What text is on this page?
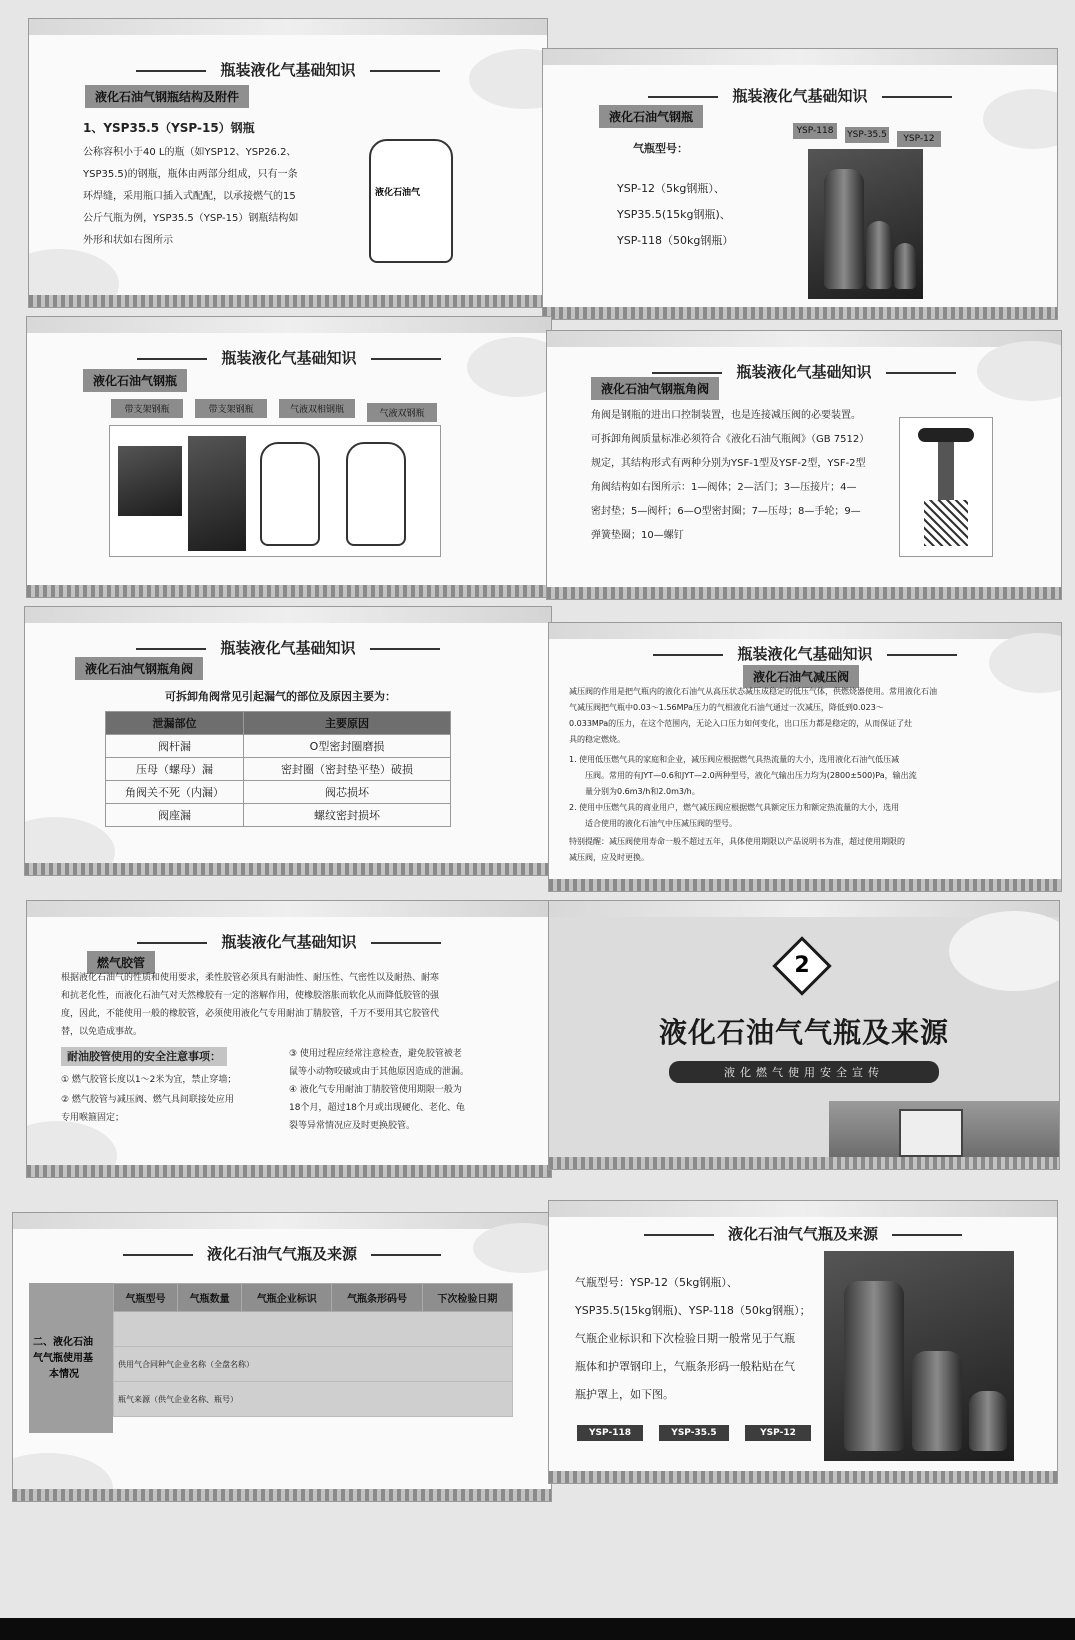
瓶装液化气基础知识
液化石油气钢瓶结构及附件
1、YSP35.5（YSP-15）钢瓶
公称容积小于40 L的瓶（如YSP12、YSP26.2、
YSP35.5)的钢瓶，瓶体由两部分组成，只有一条
环焊缝，采用瓶口插入式配配，以承接燃气的15
公斤气瓶为例，YSP35.5（YSP-15）钢瓶结构如
外形和状如右图所示
液化石油气
瓶装液化气基础知识
液化石油气钢瓶
YSP-118	YSP-35.5	YSP-12
气瓶型号：
YSP-12（5kg钢瓶）、
YSP35.5(15kg钢瓶)、
YSP-118（50kg钢瓶）
瓶装液化气基础知识
液化石油气钢瓶
带支架钢瓶	带支架钢瓶	气液双相钢瓶	气液双钢瓶
瓶装液化气基础知识
液化石油气钢瓶角阀
角阀是钢瓶的进出口控制装置，也是连接减压阀的必要装置。
可拆卸角阀质量标准必须符合《液化石油气瓶阀》（GB 7512）
规定，其结构形式有两种分别为YSF-1型及YSF-2型，YSF-2型
角阀结构如右图所示：1—阀体；2—活门；3—压接片；4—
密封垫；5—阀杆；6—O型密封圈；7—压母；8—手轮；9—
弹簧垫圈；10—螺钉
瓶装液化气基础知识
液化石油气钢瓶角阀
可拆卸角阀常见引起漏气的部位及原因主要为：
泄漏部位	主要原因
阀杆漏	O型密封圈磨损
压母（螺母）漏	密封圈（密封垫平垫）破损
角阀关不死（内漏）	阀芯损坏
阀座漏	螺纹密封损坏
瓶装液化气基础知识
液化石油气减压阀
减压阀的作用是把气瓶内的液化石油气从高压状态减压成稳定的低压气体，供燃烧器使用。常用液化石油
气减压阀把气瓶中0.03～1.56MPa压力的气相液化石油气通过一次减压，降低到0.023～
0.033MPa的压力，在这个范围内，无论入口压力如何变化，出口压力都是稳定的，从而保证了灶
具的稳定燃烧。
1. 使用低压燃气具的家庭和企业，减压阀应根据燃气具热流量的大小，选用液化石油气低压减
压阀。常用的有JYT—0.6和JYT—2.0两种型号，液化气输出压力均为(2800±500)Pa，输出流
量分别为0.6m3/h和2.0m3/h。
2. 使用中压燃气具的商业用户，燃气减压阀应根据燃气具额定压力和额定热流量的大小，选用
适合使用的液化石油气中压减压阀的型号。
特别提醒：减压阀使用寿命一般不超过五年，具体使用期限以产品说明书为准，超过使用期限的
减压阀，应及时更换。
瓶装液化气基础知识
燃气胶管
根据液化石油气的性质和使用要求，柔性胶管必须具有耐油性、耐压性、气密性以及耐热、耐寒
和抗老化性，而液化石油气对天然橡胶有一定的溶解作用，使橡胶溶胀而软化从而降低胶管的强
度，因此，不能使用一般的橡胶管，必须使用液化气专用耐油丁腈胶管，千万不要用其它胶管代
替，以免造成事故。
耐油胶管使用的安全注意事项：
① 燃气胶管长度以1～2米为宜，禁止穿墙；
② 燃气胶管与减压阀、燃气具间联接处应用
专用喉箍固定；
③ 使用过程应经常注意检查，避免胶管被老
鼠等小动物咬破或由于其他原因造成的泄漏。
④ 液化气专用耐油丁腈胶管使用期限一般为
18个月，超过18个月或出现硬化、老化、龟
裂等异常情况应及时更换胶管。
2
液化石油气气瓶及来源
液化燃气使用安全宣传
液化石油气气瓶及来源
二、液化石油
气气瓶使用基
本情况
气瓶型号	气瓶数量	气瓶企业标识	气瓶条形码号	下次检验日期

供用气合同种气企业名称（全盘名称）
瓶气来源（供气企业名称、瓶号）
液化石油气气瓶及来源
气瓶型号：YSP-12（5kg钢瓶）、
YSP35.5(15kg钢瓶)、YSP-118（50kg钢瓶）；
气瓶企业标识和下次检验日期一般常见于气瓶
瓶体和护罩钢印上，气瓶条形码一般粘贴在气
瓶护罩上，如下图。
YSP-118	YSP-35.5	YSP-12
